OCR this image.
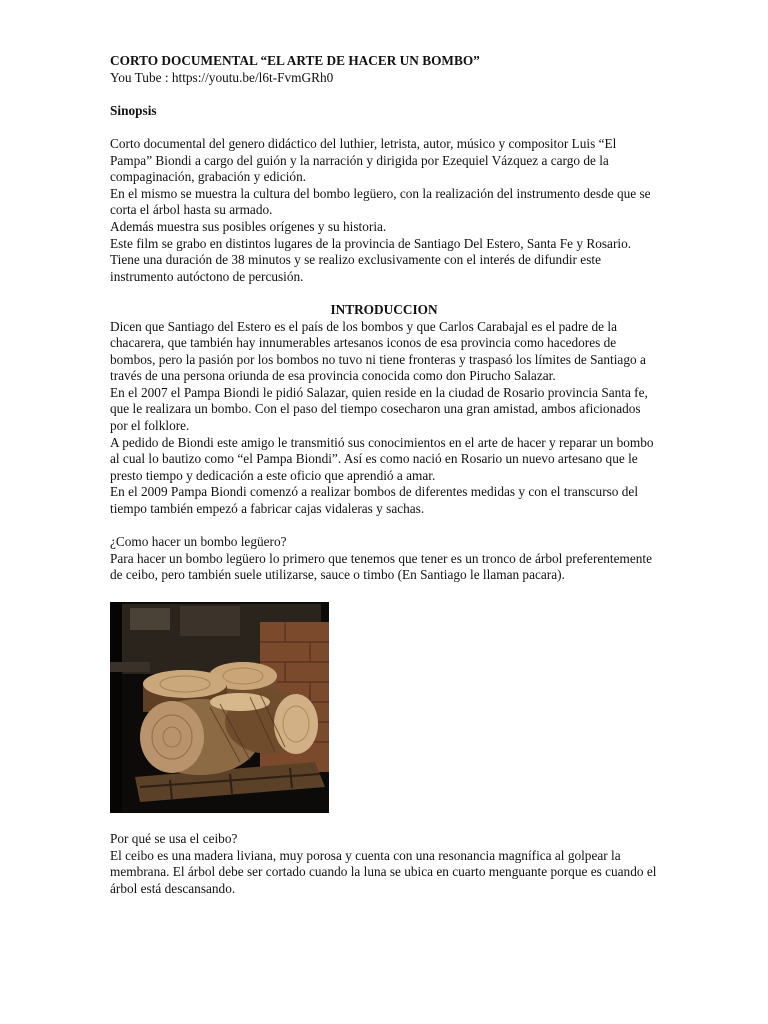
CORTO DOCUMENTAL “EL ARTE DE HACER UN BOMBO”

You Tube : https://youtu.be/l6t-FvmGRh0

Sinopsis

Corto documental del genero didáctico del luthier, letrista, autor, músico y compositor Luis “El Pampa” Biondi a cargo del guión y la narración y dirigida por Ezequiel Vázquez a cargo de la compaginación, grabación y edición.

En el mismo se muestra la cultura del bombo legüero, con la realización del instrumento desde que se corta el árbol hasta su armado.

Además muestra sus posibles orígenes y su historia.

Este film se grabo en distintos lugares de la provincia de Santiago Del Estero, Santa Fe y Rosario.

Tiene una duración de 38 minutos y se realizo exclusivamente con el interés de difundir este instrumento autóctono de percusión.

INTRODUCCION

Dicen que Santiago del Estero es el país de los bombos y que Carlos Carabajal es el padre de la chacarera, que también hay innumerables artesanos iconos de esa provincia como hacedores de bombos, pero la pasión por los bombos no tuvo ni tiene fronteras y traspasó los límites de Santiago a través de una persona oriunda de esa provincia conocida como don Pirucho Salazar.

En el 2007 el Pampa Biondi le pidió Salazar, quien reside en la ciudad de Rosario provincia Santa fe, que le realizara un bombo. Con el paso del tiempo cosecharon una gran amistad, ambos aficionados por el folklore.

A pedido de Biondi este amigo le transmitió sus conocimientos en el arte de hacer y reparar un bombo al cual lo bautizo como “el Pampa Biondi”. Así es como nació en Rosario un nuevo artesano que le presto tiempo y dedicación a este oficio que aprendió a amar.

En el 2009 Pampa Biondi comenzó a realizar bombos de diferentes medidas y con el transcurso del tiempo también empezó a fabricar cajas vidaleras y sachas.

¿Como hacer un bombo legüero?

Para hacer un bombo legüero lo primero que tenemos que tener es un tronco de árbol preferentemente de ceibo, pero también suele utilizarse, sauce o timbo (En Santiago le llaman pacara).

Por qué se usa el ceibo?

El ceibo es una madera liviana, muy porosa y cuenta con una resonancia magnífica al golpear la membrana. El árbol debe ser cortado cuando la luna se ubica en cuarto menguante porque es cuando el árbol está descansando.
